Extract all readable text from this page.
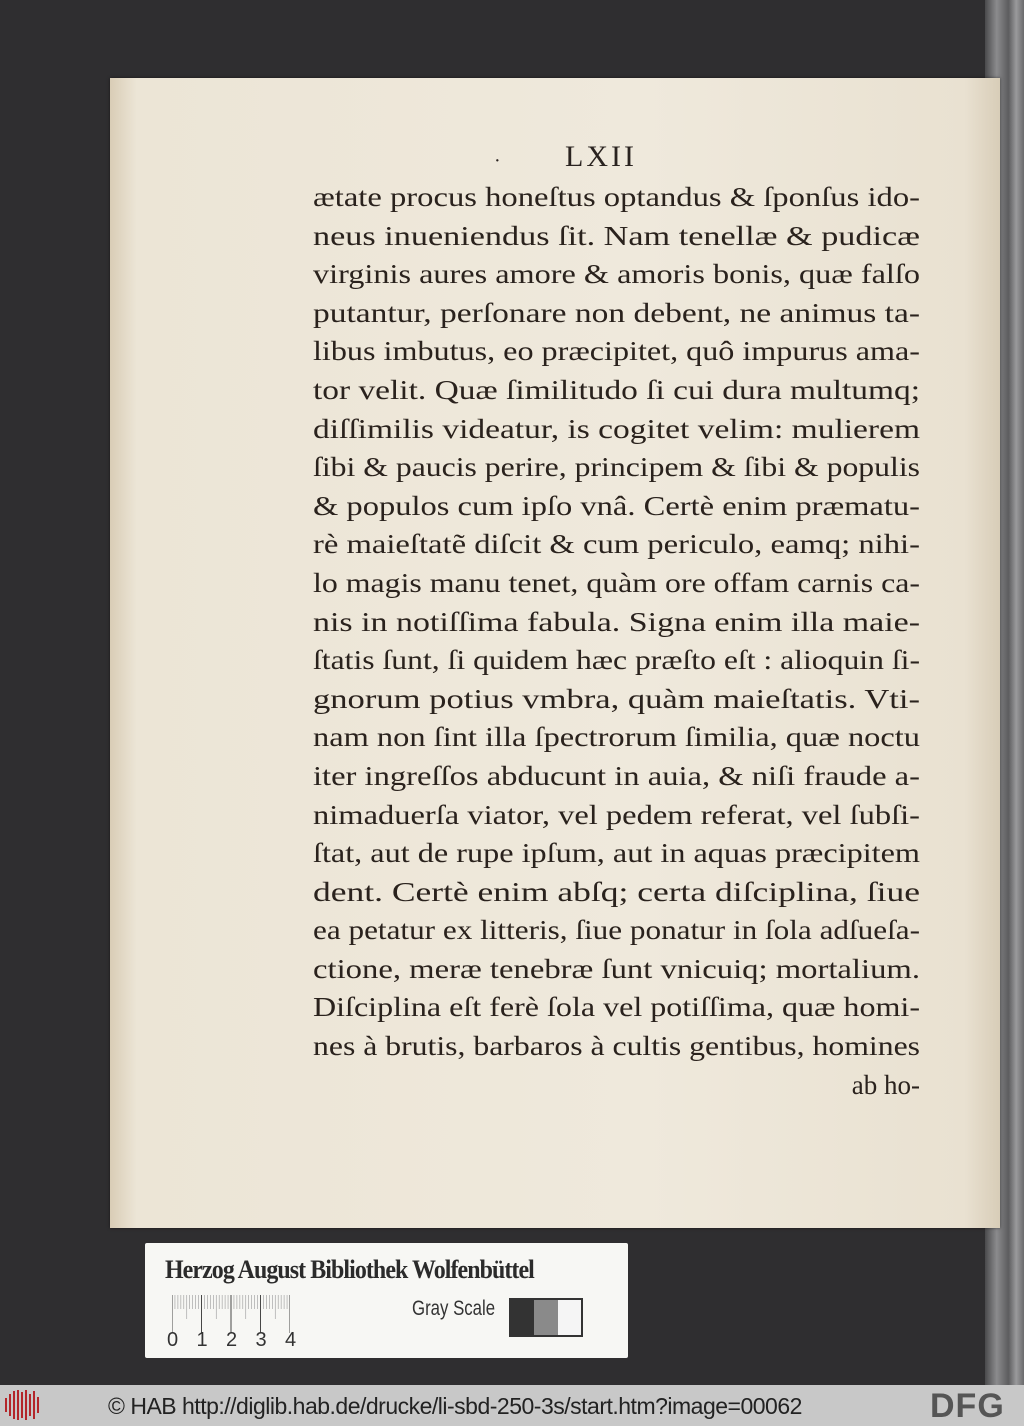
· LXII
ætate procus honeſtus optandus & ſponſus ido-
neus inueniendus ſit. Nam tenellæ & pudicæ
virginis aures amore & amoris bonis, quæ falſo
putantur, perſonare non debent, ne animus ta-
libus imbutus, eo præcipitet, quô impurus ama-
tor velit. Quæ ſimilitudo ſi cui dura multumq;
diſſimilis videatur, is cogitet velim: mulierem
ſibi & paucis perire, principem & ſibi & populis
& populos cum ipſo vnâ. Certè enim præmatu-
rè maieſtatẽ diſcit & cum periculo, eamq; nihi-
lo magis manu tenet, quàm ore offam carnis ca-
nis in notiſſima fabula. Signa enim illa maie-
ſtatis ſunt, ſi quidem hæc præſto eſt : alioquin ſi-
gnorum potius vmbra, quàm maieſtatis. Vti-
nam non ſint illa ſpectrorum ſimilia, quæ noctu
iter ingreſſos abducunt in auia, & niſi fraude a-
nimaduerſa viator, vel pedem referat, vel ſubſi-
ſtat, aut de rupe ipſum, aut in aquas præcipitem
dent. Certè enim abſq; certa diſciplina, ſiue
ea petatur ex litteris, ſiue ponatur in ſola adſueſa-
ctione, meræ tenebræ ſunt vnicuiq; mortalium.
Diſciplina eſt ferè ſola vel potiſſima, quæ homi-
nes à brutis, barbaros à cultis gentibus, homines
ab ho-
Herzog August Bibliothek Wolfenbüttel
0 1 2 3 4
Gray Scale
© HAB http://diglib.hab.de/drucke/li-sbd-250-3s/start.htm?image=00062	DFG
